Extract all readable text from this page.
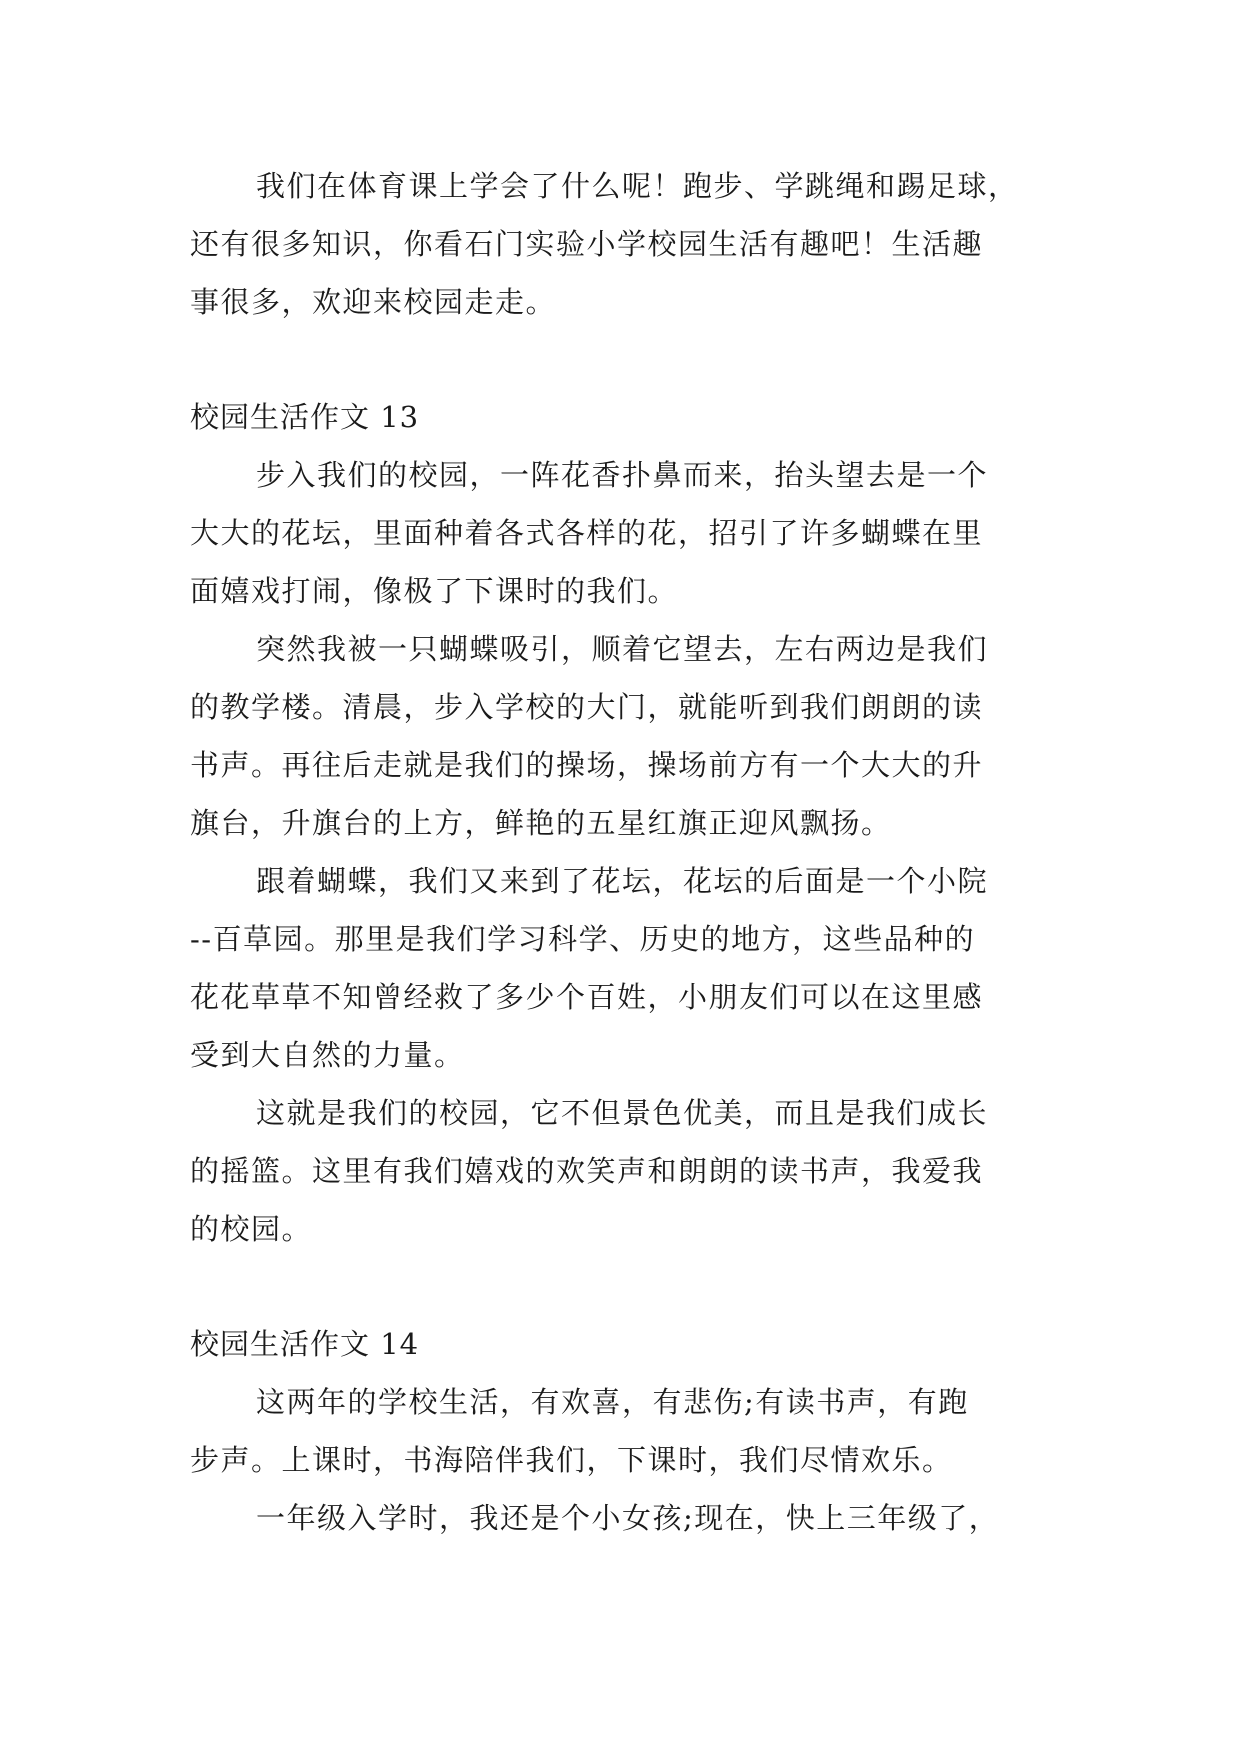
我们在体育课上学会了什么呢！跑步、学跳绳和踢足球，

还有很多知识，你看石门实验小学校园生活有趣吧！生活趣

事很多，欢迎来校园走走。

校园生活作文 13

步入我们的校园，一阵花香扑鼻而来，抬头望去是一个

大大的花坛，里面种着各式各样的花，招引了许多蝴蝶在里

面嬉戏打闹，像极了下课时的我们。

突然我被一只蝴蝶吸引，顺着它望去，左右两边是我们

的教学楼。清晨，步入学校的大门，就能听到我们朗朗的读

书声。再往后走就是我们的操场，操场前方有一个大大的升

旗台，升旗台的上方，鲜艳的五星红旗正迎风飘扬。

跟着蝴蝶，我们又来到了花坛，花坛的后面是一个小院

--百草园。那里是我们学习科学、历史的地方，这些品种的

花花草草不知曾经救了多少个百姓，小朋友们可以在这里感

受到大自然的力量。

这就是我们的校园，它不但景色优美，而且是我们成长

的摇篮。这里有我们嬉戏的欢笑声和朗朗的读书声，我爱我

的校园。

校园生活作文 14

这两年的学校生活，有欢喜，有悲伤;有读书声，有跑

步声。上课时，书海陪伴我们，下课时，我们尽情欢乐。

一年级入学时，我还是个小女孩;现在，快上三年级了，
